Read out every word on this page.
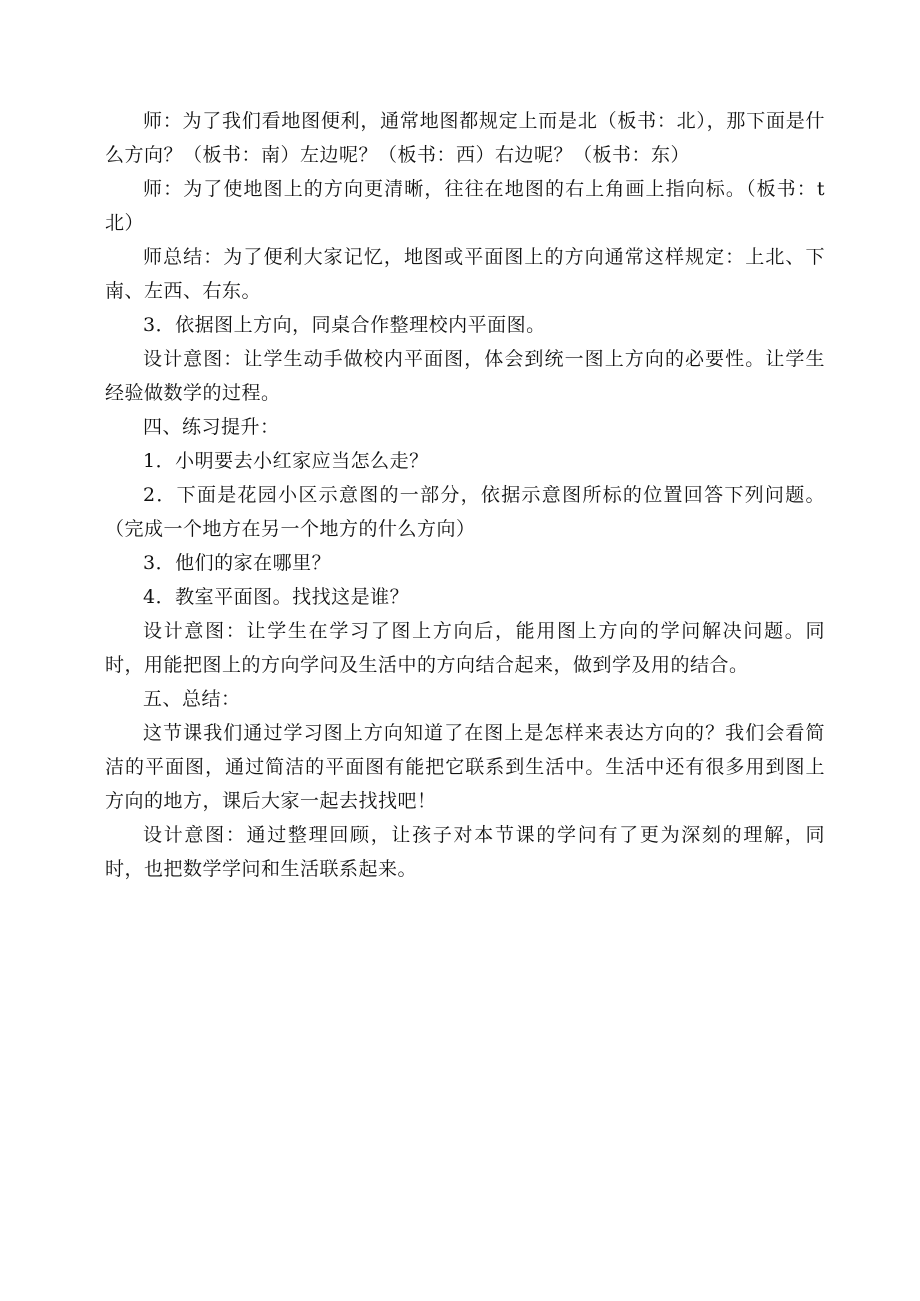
师：为了我们看地图便利，通常地图都规定上而是北（板书：北），那下面是什么方向？（板书：南）左边呢？（板书：西）右边呢？（板书：东）

师：为了使地图上的方向更清晰，往往在地图的右上角画上指向标。（板书：t北）

师总结：为了便利大家记忆，地图或平面图上的方向通常这样规定：上北、下南、左西、右东。

3．依据图上方向，同桌合作整理校内平面图。

设计意图：让学生动手做校内平面图，体会到统一图上方向的必要性。让学生经验做数学的过程。

四、练习提升：

1．小明要去小红家应当怎么走？

2．下面是花园小区示意图的一部分，依据示意图所标的位置回答下列问题。（完成一个地方在另一个地方的什么方向）

3．他们的家在哪里？

4．教室平面图。找找这是谁？

设计意图：让学生在学习了图上方向后，能用图上方向的学问解决问题。同时，用能把图上的方向学问及生活中的方向结合起来，做到学及用的结合。

五、总结：

这节课我们通过学习图上方向知道了在图上是怎样来表达方向的？我们会看简洁的平面图，通过简洁的平面图有能把它联系到生活中。生活中还有很多用到图上方向的地方，课后大家一起去找找吧！

设计意图：通过整理回顾，让孩子对本节课的学问有了更为深刻的理解，同时，也把数学学问和生活联系起来。
